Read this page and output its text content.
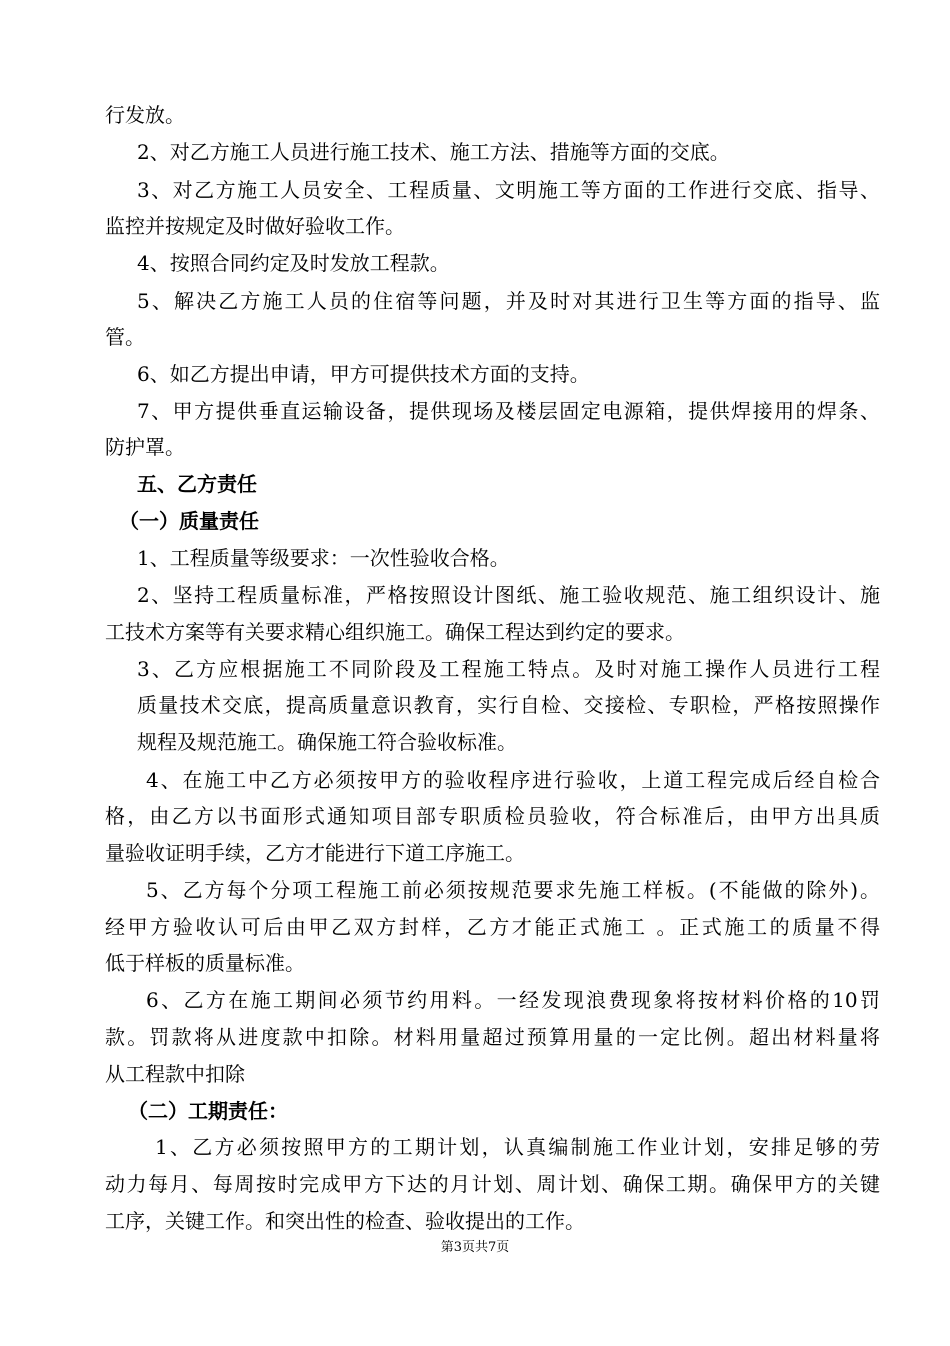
行发放。
2、对乙方施工人员进行施工技术、施工方法、措施等方面的交底。
3、对乙方施工人员安全、工程质量、文明施工等方面的工作进行交底、指导、
监控并按规定及时做好验收工作。
4、按照合同约定及时发放工程款。
5、解决乙方施工人员的住宿等问题，并及时对其进行卫生等方面的指导、监
管。
6、如乙方提出申请，甲方可提供技术方面的支持。
7、甲方提供垂直运输设备，提供现场及楼层固定电源箱，提供焊接用的焊条、
防护罩。
五、乙方责任
（一）质量责任
1、工程质量等级要求：一次性验收合格。
2、坚持工程质量标准，严格按照设计图纸、施工验收规范、施工组织设计、施
工技术方案等有关要求精心组织施工。确保工程达到约定的要求。
3、乙方应根据施工不同阶段及工程施工特点。及时对施工操作人员进行工程
质量技术交底，提高质量意识教育，实行自检、交接检、专职检，严格按照操作
规程及规范施工。确保施工符合验收标准。
4、在施工中乙方必须按甲方的验收程序进行验收，上道工程完成后经自检合
格，由乙方以书面形式通知项目部专职质检员验收，符合标准后，由甲方出具质
量验收证明手续，乙方才能进行下道工序施工。
5、乙方每个分项工程施工前必须按规范要求先施工样板。(不能做的除外)。
经甲方验收认可后由甲乙双方封样，乙方才能正式施工 。正式施工的质量不得
低于样板的质量标准。
6、乙方在施工期间必须节约用料。一经发现浪费现象将按材料价格的10罚
款。罚款将从进度款中扣除。材料用量超过预算用量的一定比例。超出材料量将
从工程款中扣除
（二）工期责任：
1、乙方必须按照甲方的工期计划，认真编制施工作业计划，安排足够的劳
动力每月、每周按时完成甲方下达的月计划、周计划、确保工期。确保甲方的关键
工序，关键工作。和突出性的检查、验收提出的工作。
第3页共7页
